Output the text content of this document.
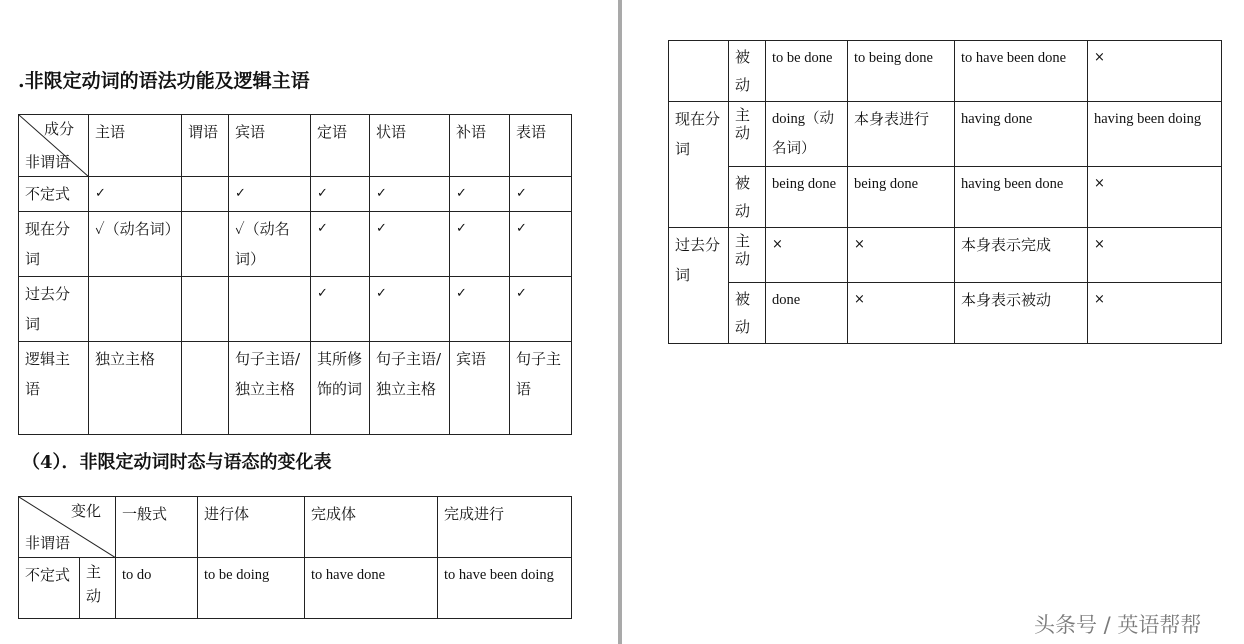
.非限定动词的语法功能及逻辑主语
成分
非谓语	主语	谓语	宾语	定语	状语	补语	表语
不定式	✓		✓	✓	✓	✓	✓
现在分词	✓（动名词）		✓（动名词）	✓	✓	✓	✓
过去分词				✓	✓	✓	✓
逻辑主语	独立主格		句子主语/独立主格	其所修饰的词	句子主语/独立主格	宾语	句子主语
（4）．非限定动词时态与语态的变化表
变化
非谓语		一般式	进行体	完成体	完成进行
不定式	主动	to do	to be doing	to have done	to have been doing
	被动	to be done	to being done	to have been done	×
现在分词	主动	doing（动名词）	本身表进行	having done	having been doing
	被动	being done	being done	having been done	×
过去分词	主动	×	×	本身表示完成	×
	被动	done	×	本身表示被动	×
头条号 / 英语帮帮
